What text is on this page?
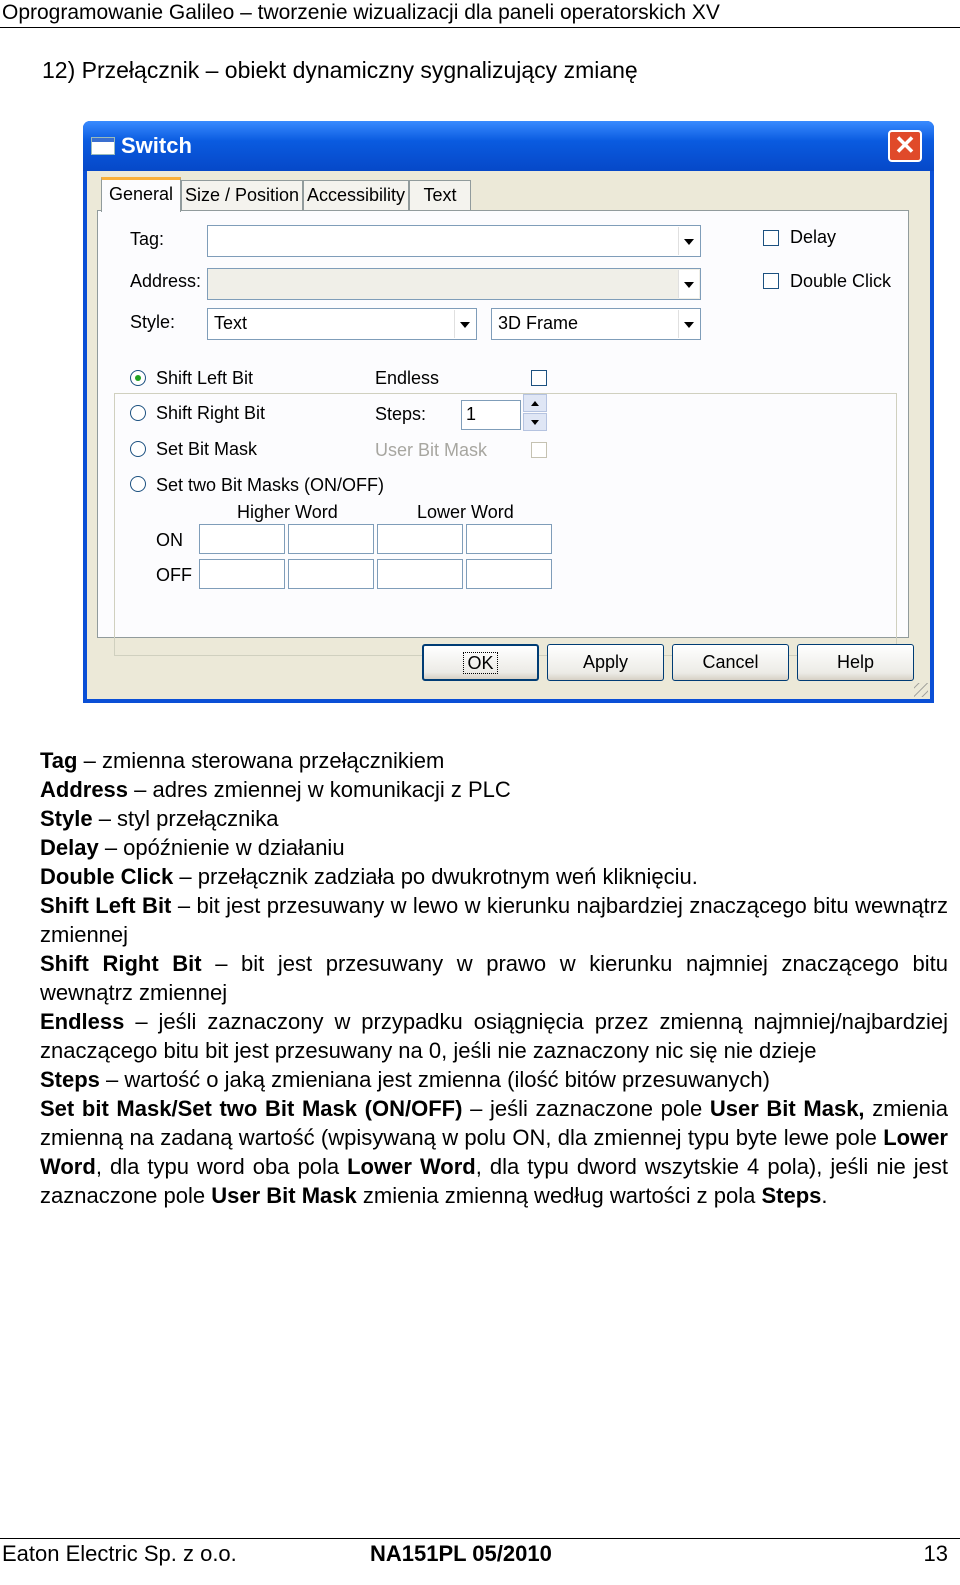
Oprogramowanie Galileo – tworzenie wizualizacji dla paneli operatorskich XV
12) Przełącznik – obiekt dynamiczny sygnalizujący zmianę
Switch	✕
General Size / Position Accessibility	Text
Tag:
Address:
Style: Text	3D Frame
Delay
Double Click
Shift Left Bit
Shift Right Bit
Set Bit Mask
Set two Bit Masks (ON/OFF)
Endless
Steps: 1
User Bit Mask
Higher Word	Lower Word
ON
OFF
OK	Apply	Cancel	Help

Tag – zmienna sterowana przełącznikiem

Address – adres zmiennej w komunikacji z PLC

Style – styl przełącznika

Delay – opóźnienie w działaniu

Double Click – przełącznik zadziała po dwukrotnym weń kliknięciu.

Shift Left Bit – bit jest przesuwany w lewo w kierunku najbardziej znaczącego bitu wewnątrz zmiennej

Shift Right Bit – bit jest przesuwany w prawo w kierunku najmniej znaczącego bitu wewnątrz zmiennej

Endless – jeśli zaznaczony w przypadku osiągnięcia przez zmienną najmniej/najbardziej znaczącego bitu bit jest przesuwany na 0, jeśli nie zaznaczony nic się nie dzieje

Steps – wartość o jaką zmieniana jest zmienna (ilość bitów przesuwanych)

Set bit Mask/Set two Bit Mask (ON/OFF) – jeśli zaznaczone pole User Bit Mask, zmienia zmienną na zadaną wartość (wpisywaną w polu ON, dla zmiennej typu byte lewe pole Lower Word, dla typu word oba pola Lower Word, dla typu dword wszytskie 4 pola), jeśli nie jest zaznaczone pole User Bit Mask zmienia zmienną według wartości z pola Steps.

Eaton Electric Sp. z o.o.	NA151PL 05/2010	13
